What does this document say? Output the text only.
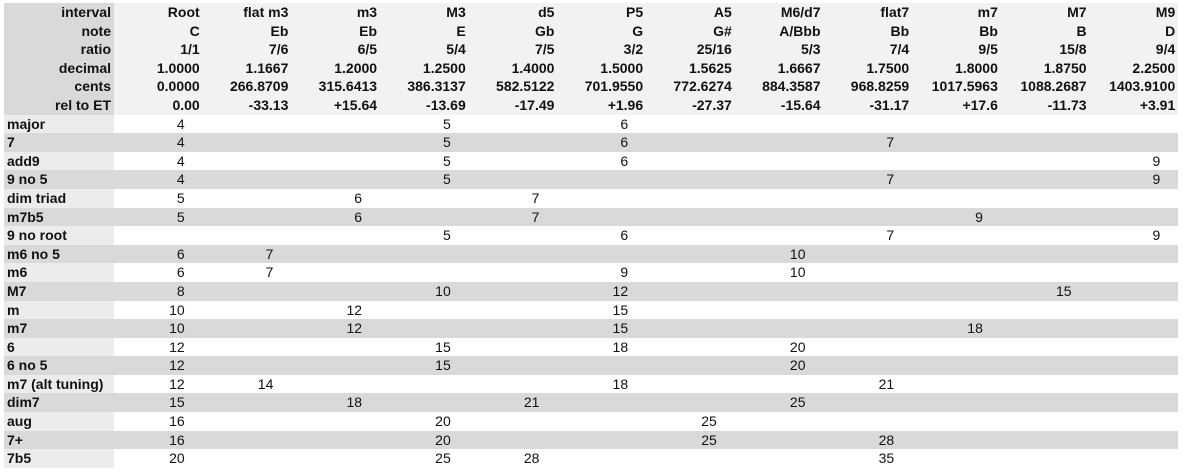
interval	Root	flat m3	m3	M3	d5	P5	A5	M6/d7	flat7	m7	M7	M9
note	C	Eb	Eb	E	Gb	G	G#	A/Bbb	Bb	Bb	B	D
ratio	1/1	7/6	6/5	5/4	7/5	3/2	25/16	5/3	7/4	9/5	15/8	9/4
decimal	1.0000	1.1667	1.2000	1.2500	1.4000	1.5000	1.5625	1.6667	1.7500	1.8000	1.8750	2.2500
cents	0.0000	266.8709	315.6413	386.3137	582.5122	701.9550	772.6274	884.3587	968.8259	1017.5963	1088.2687	1403.9100
rel to ET	0.00	-33.13	+15.64	-13.69	-17.49	+1.96	-27.37	-15.64	-31.17	+17.6	-11.73	+3.91
major	4			5		6						
7	4			5		6			7			
add9	4			5		6						9
9 no 5	4			5					7			9
dim triad	5		6		7							
m7b5	5		6		7					9		
9 no root				5		6			7			9
m6 no 5	6	7						10				
m6	6	7				9		10				
M7	8			10		12					15	
m	10		12			15						
m7	10		12			15				18		
6	12			15		18		20				
6 no 5	12			15				20				
m7 (alt tuning)	12	14				18			21			
dim7	15		18		21			25				
aug	16			20			25					
7+	16			20			25		28			
7b5	20			25	28				35			
